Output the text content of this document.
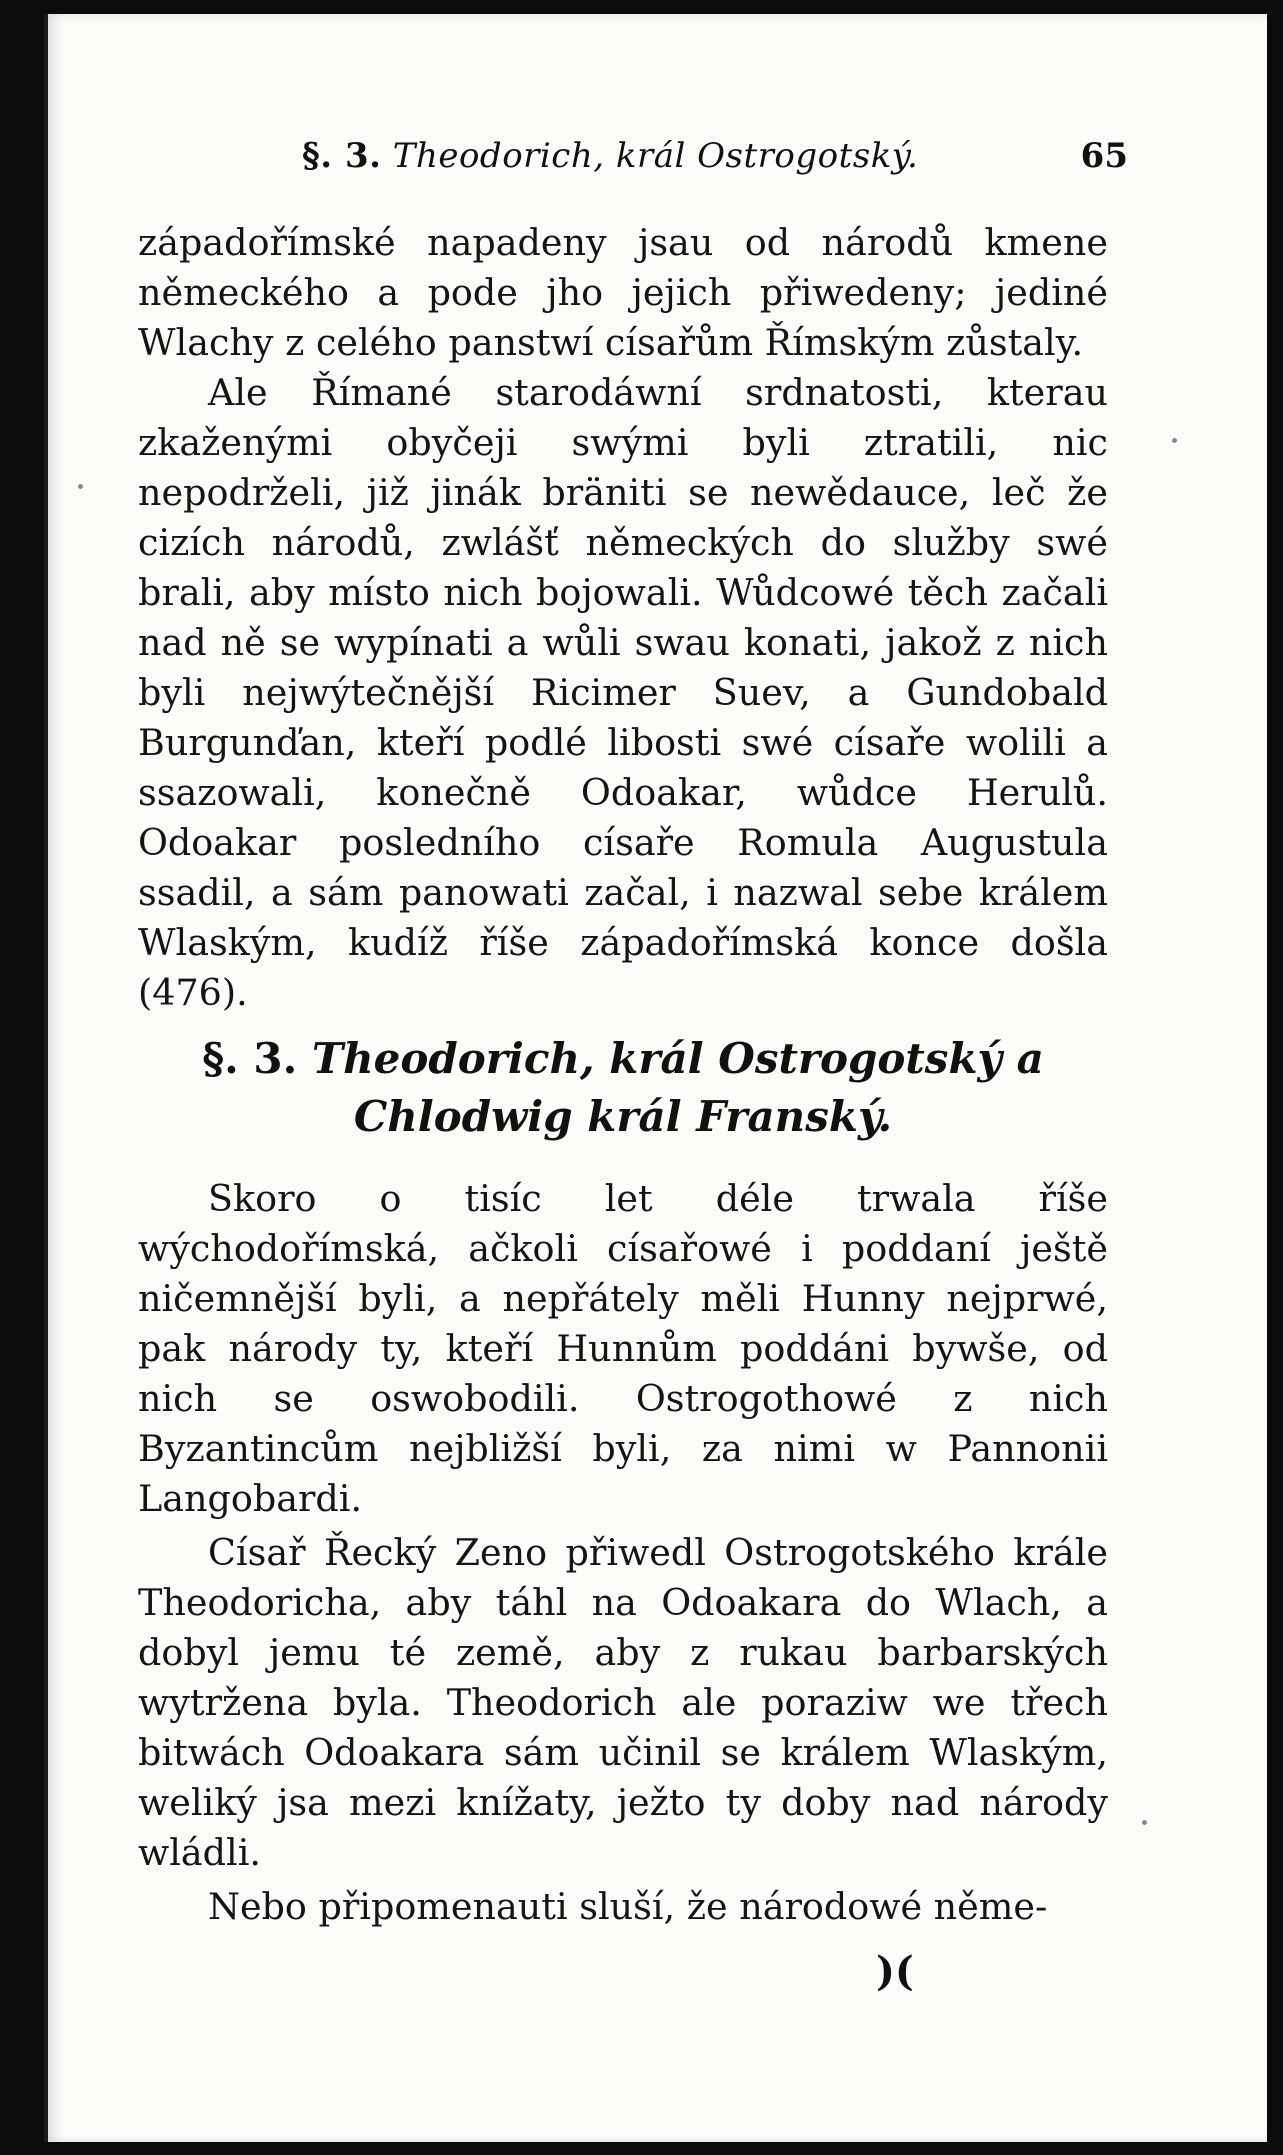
§. 3. Theodorich, král Ostrogotský.	65

západořímské napadeny jsau od národů kmene německého a pode jho jejich přiwedeny; jediné Wlachy z celého panstwí císařům Římským zůstaly.

Ale Římané starodáwní srdnatosti, kterau zkaženými obyčeji swými byli ztratili, nic nepodrželi, již jinák bräniti se newědauce, leč že cizích národů, zwlášť německých do služby swé brali, aby místo nich bojowali. Wůdcowé těch začali nad ně se wypínati a wůli swau konati, jakož z nich byli nejwýtečnější Ricimer Suev, a Gundobald Burgunďan, kteří podlé libosti swé císaře wolili a ssazowali, konečně Odoakar, wůdce Herulů. Odoakar posledního císaře Romula Augustula ssadil, a sám panowati začal, i nazwal sebe králem Wlaským, kudíž říše západořímská konce došla (476).

§. 3. Theodorich, král Ostrogotský a Chlodwig král Franský.

Skoro o tisíc let déle trwala říše wýchodořímská, ačkoli císařowé i poddaní ještě ničemnější byli, a nepřátely měli Hunny nejprwé, pak národy ty, kteří Hunnům poddáni bywše, od nich se oswobodili. Ostrogothowé z nich Byzantincům nejbližší byli, za nimi w Pannonii Langobardi.

Císař Řecký Zeno přiwedl Ostrogotského krále Theodoricha, aby táhl na Odoakara do Wlach, a dobyl jemu té země, aby z rukau barbarských wytržena byla. Theodorich ale poraziw we třech bitwách Odoakara sám učinil se králem Wlaským, weliký jsa mezi knížaty, ježto ty doby nad národy wládli.

Nebo připomenauti sluší, že národowé něme-

)(
